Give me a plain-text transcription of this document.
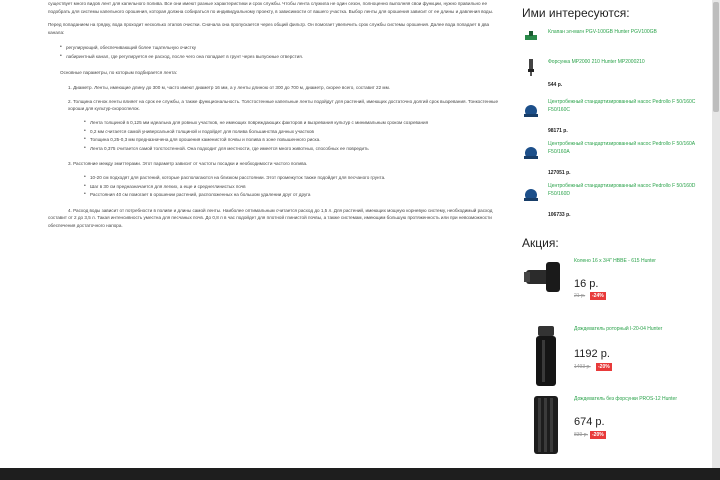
существует много видов лент для капельного полива. Все они имеют разные характеристики и срок службы. Чтобы лента служила не один сезон, полноценно выполняя свои функции, нужно правильно ее подобрать для системы капельного орошения, которая должна собираться по индивидуальному проекту, в зависимости от вашего участка. Выбор ленты для орошения зависит от ее длины и давления воды.

Перед попаданием на грядку, вода проходит несколько этапов очистки. Сначала она пропускается через общий фильтр. Он помогает увеличить срок службы системы орошения. Далее вода попадает в два канала:

• регулирующий, обеспечивающий более тщательную очистку
• лабиринтный канал, где регулируется ее расход, после чего она попадает в грунт через выпускные отверстия.

Основные параметры, по которым подбирается лента:

1. Диаметр. Ленты, имеющие длину до 300 м, часто имеют диаметр 16 мм, а у ленты длиною от 300 до 700 м, диаметр, скорее всего, составит 22 мм.

2. Толщина стенок ленты влияет на срок ее службы, а также функциональность. Толстостенные капельные ленты подойдут для растений, имеющих достаточно долгий срок вызревания. Тонкостенные хороши для культур-скороспелок.

• Лента толщиной в 0,125 мм идеальна для ровных участков, не имеющих повреждающих факторов и вызревания культур с минимальным сроком созревания
• 0,2 мм считается самой универсальной толщиной и подойдет для полива большинства дачных участков
• Толщина 0,25-0,3 мм предназначена для орошения каменистой почвы и полива в зоне повышенного риска.
• Лента 0,375 считается самой толстостенной. Она подходит для местности, где имеется много животных, способных ее повредить

3. Расстояние между эмиттерами. Этот параметр зависит от частоты посадки и необходимости частого полива.

• 10-20 см подходят для растений, которые располагаются на близком расстоянии. Этот промежуток также подойдет для песчаного грунта.
• Шаг в 30 см предназначается для легких, а еще и среднеглинистых почв
• Расстояния 40 см помогает в орошении растений, расположенных на большом удалении друг от друга

4. Расход воды зависит от потребности в поливе и длины самой ленты. Наиболее оптимальным считается расход до 1,5 л. Для растений, имеющих мощную корневую систему, необходимый расход составит от 2 до 3,5 л. Такая интенсивность уместна для песчаных почв. До 0,8 л в час подойдет для плотной глинистой почвы, а также системам, имеющим большую протяженность или при невозможности обеспечения достаточного напора.

Ими интересуются:
Клапан эл-магн PGV-100GB Hunter PGV100GB
Форсунка MP2000 210 Hunter MP2000210
544 р.
Центробежный стандартизированный насос Pedrollo F 50/160C F50/160C
98171 р.
Центробежный стандартизированный насос Pedrollo F 50/160A F50/160A
127051 р.
Центробежный стандартизированный насос Pedrollo F 50/160D F50/160D
106733 р.
Акция:
Колено 16 x 3/4" HBBE - 615 Hunter
16 р.
21 р.	-24%
Дождеватель роторный I-20-04 Hunter
1192 р.
1493 р.	-20%
Дождеватель без форсунки PROS-12 Hunter
674 р.
839 р. -20%
